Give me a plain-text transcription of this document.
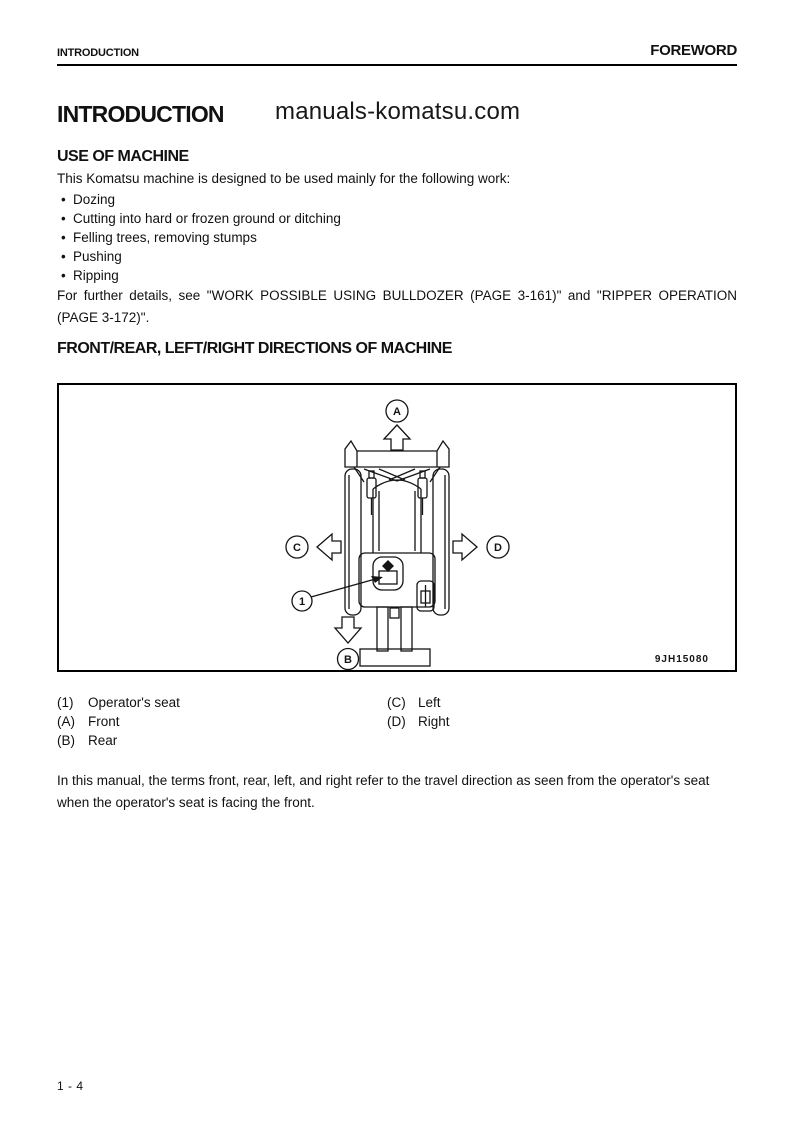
INTRODUCTION	FOREWORD
INTRODUCTION manuals-komatsu.com
USE OF MACHINE

This Komatsu machine is designed to be used mainly for the following work:

• Dozing
• Cutting into hard or frozen ground or ditching
• Felling trees, removing stumps
• Pushing
• Ripping

For further details, see "WORK POSSIBLE USING BULLDOZER (PAGE 3-161)" and "RIPPER OPERATION (PAGE 3-172)".

FRONT/REAR, LEFT/RIGHT DIRECTIONS OF MACHINE
A
C	D
B
1
9JH15080
(1)	Operator's seat	(C) Left
(A) Front	(D) Right
(B) Rear

In this manual, the terms front, rear, left, and right refer to the travel direction as seen from the operator's seat when the operator's seat is facing the front.

1 - 4
